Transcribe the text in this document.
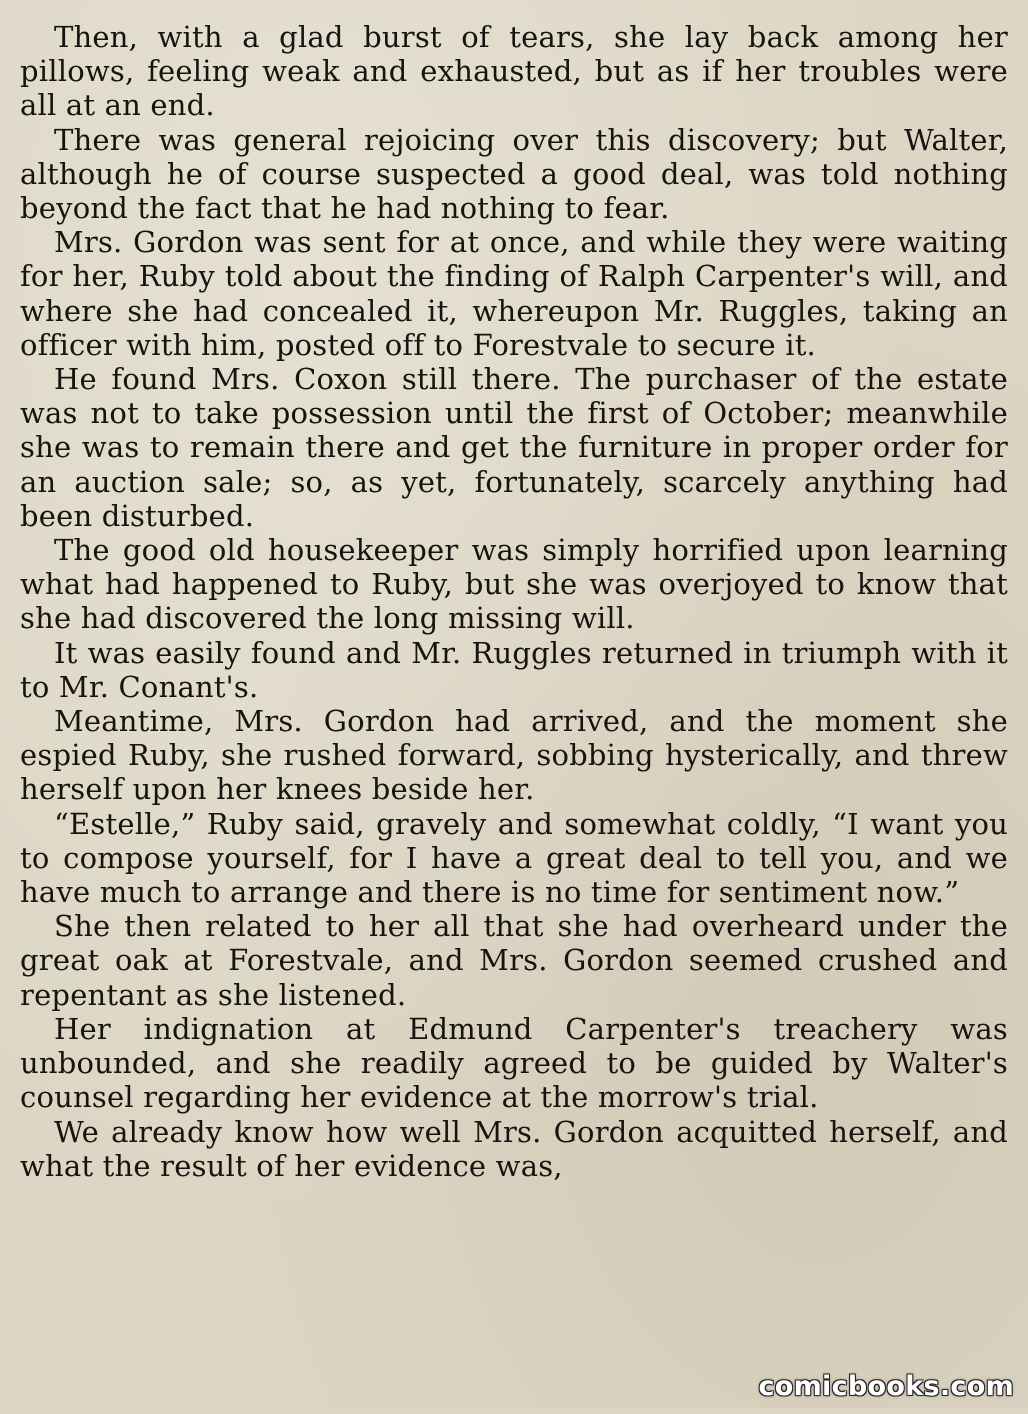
Then, with a glad burst of tears, she lay back among her pillows, feeling weak and exhausted, but as if her troubles were all at an end.

There was general rejoicing over this discovery; but Walter, although he of course suspected a good deal, was told nothing beyond the fact that he had nothing to fear.

Mrs. Gordon was sent for at once, and while they were waiting for her, Ruby told about the finding of Ralph Carpenter's will, and where she had concealed it, whereupon Mr. Ruggles, taking an officer with him, posted off to Forestvale to secure it.

He found Mrs. Coxon still there. The purchaser of the estate was not to take possession until the first of October; meanwhile she was to remain there and get the furniture in proper order for an auction sale; so, as yet, fortunately, scarcely anything had been disturbed.

The good old housekeeper was simply horrified upon learning what had happened to Ruby, but she was overjoyed to know that she had discovered the long missing will.

It was easily found and Mr. Ruggles returned in triumph with it to Mr. Conant's.

Meantime, Mrs. Gordon had arrived, and the moment she espied Ruby, she rushed forward, sobbing hysterically, and threw herself upon her knees beside her.

“Estelle,” Ruby said, gravely and somewhat coldly, “I want you to compose yourself, for I have a great deal to tell you, and we have much to arrange and there is no time for sentiment now.”

She then related to her all that she had overheard under the great oak at Forestvale, and Mrs. Gordon seemed crushed and repentant as she listened.

Her indignation at Edmund Carpenter's treachery was unbounded, and she readily agreed to be guided by Walter's counsel regarding her evidence at the morrow's trial.

We already know how well Mrs. Gordon acquitted herself, and what the result of her evidence was,

comicbooks.com
